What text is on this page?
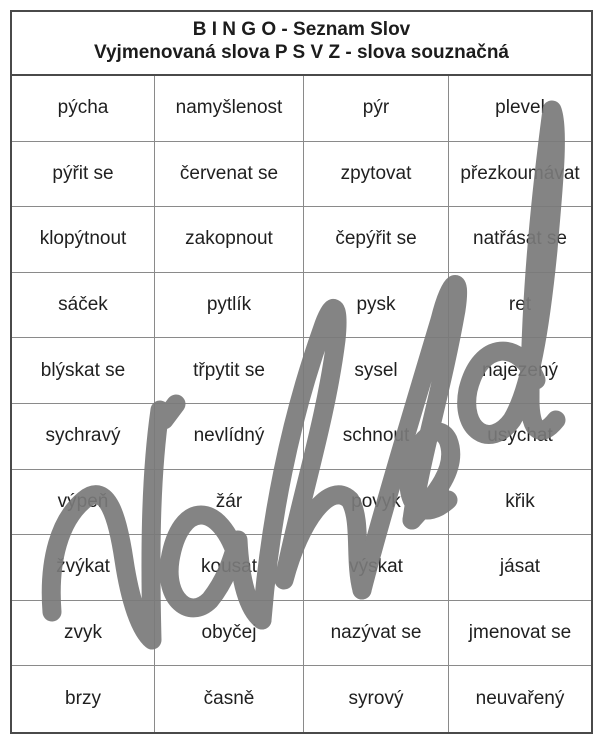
B I N G O - Seznam Slov
Vyjmenovaná slova P S V Z - slova souznačná
pýcha	namyšlenost	pýr	plevel
pýřit se	červenat se	zpytovat	přezkoumávat
klopýtnout	zakopnout	čepýřit se	natřásat se
sáček	pytlík	pysk	ret
blýskat se	třpytit se	sysel	najezený
sychravý	nevlídný	schnout	usychat
výpeň	žár	povyk	křik
žvýkat	kousat	výskat	jásat
zvyk	obyčej	nazývat se	jmenovat se
brzy	časně	syrový	neuvařený
